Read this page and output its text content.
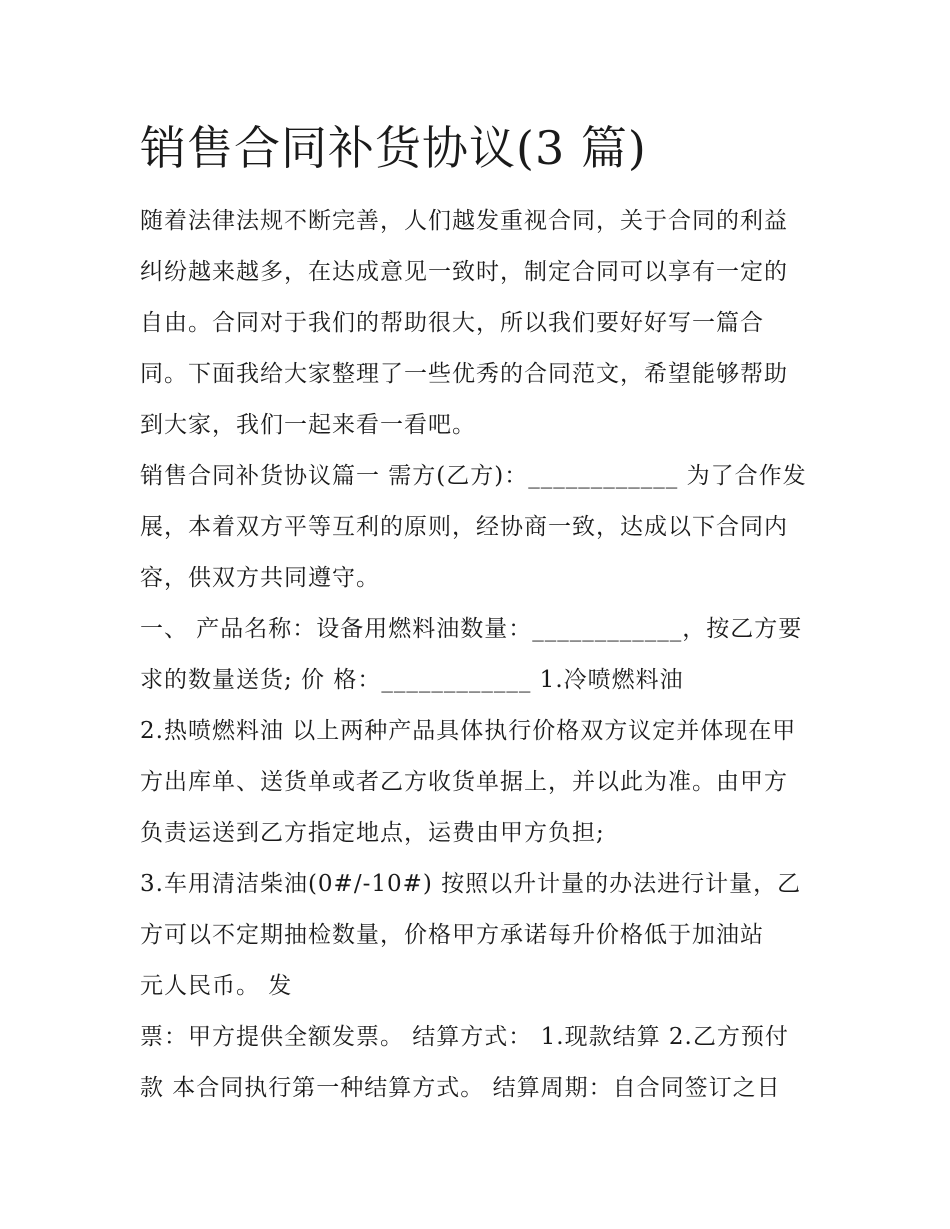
销售合同补货协议(3 篇)
随着法律法规不断完善，人们越发重视合同，关于合同的利益
纠纷越来越多，在达成意见一致时，制定合同可以享有一定的
自由。合同对于我们的帮助很大，所以我们要好好写一篇合
同。下面我给大家整理了一些优秀的合同范文，希望能够帮助
到大家，我们一起来看一看吧。
销售合同补货协议篇一 需方(乙方)：____________ 为了合作发
展，本着双方平等互利的原则，经协商一致，达成以下合同内
容，供双方共同遵守。
一、 产品名称：设备用燃料油数量：____________，按乙方要
求的数量送货; 价 格：____________ 1.冷喷燃料油
2.热喷燃料油 以上两种产品具体执行价格双方议定并体现在甲
方出库单、送货单或者乙方收货单据上，并以此为准。由甲方
负责运送到乙方指定地点，运费由甲方负担;
3.车用清洁柴油(0#/-10#) 按照以升计量的办法进行计量，乙
方可以不定期抽检数量，价格甲方承诺每升价格低于加油站
元人民币。 发
票：甲方提供全额发票。 结算方式： 1.现款结算 2.乙方预付
款 本合同执行第一种结算方式。 结算周期：自合同签订之日
